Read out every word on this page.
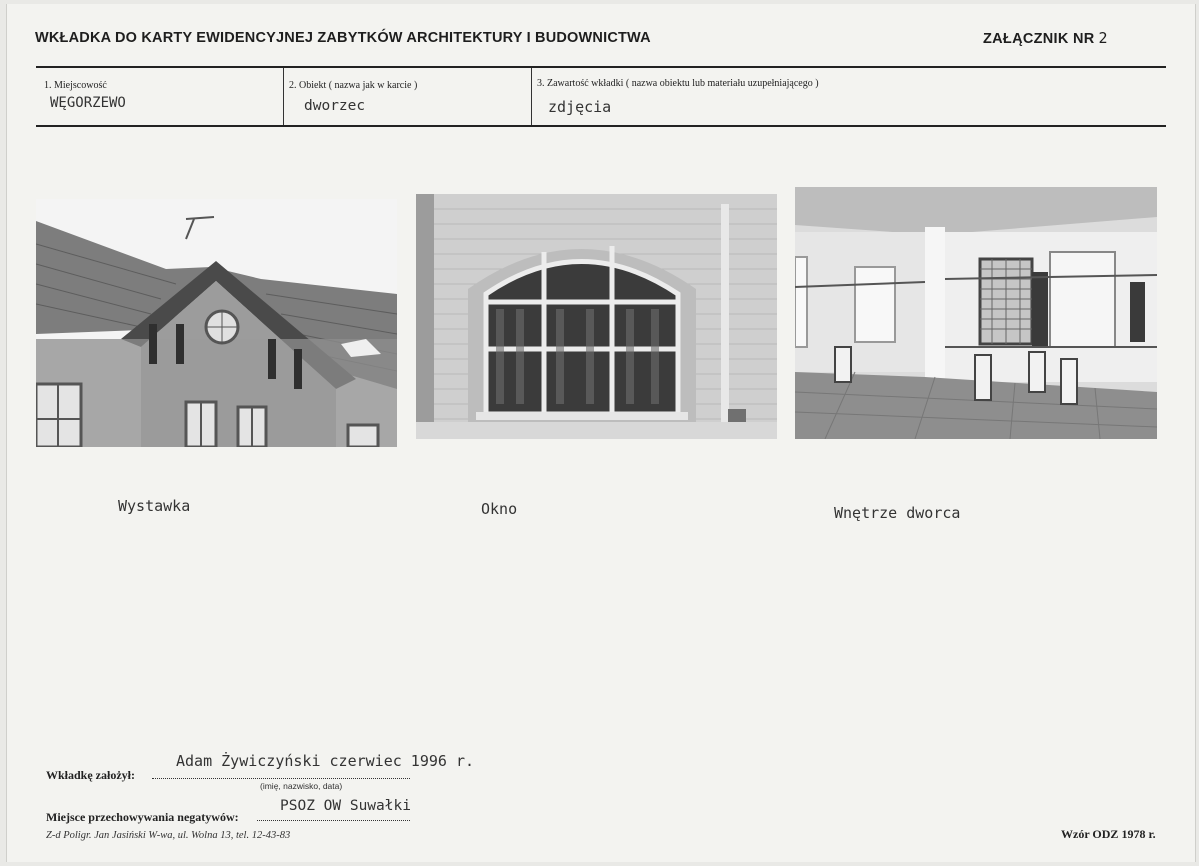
WKŁADKA DO KARTY EWIDENCYJNEJ ZABYTKÓW ARCHITEKTURY I BUDOWNICTWA	ZAŁĄCZNIK NR 2
1. Miejscowość
WĘGORZEWO
2. Obiekt ( nazwa jak w karcie )
dworzec
3. Zawartość wkładki ( nazwa obiektu lub materiału uzupełniającego )
zdjęcia
Wystawka	Okno	Wnętrze dworca
Adam Żywiczyński czerwiec 1996 r.
Wkładkę założył:
(imię, nazwisko, data)
PSOZ OW Suwałki
Miejsce przechowywania negatywów:
Z-d Poligr. Jan Jasiński W-wa, ul. Wolna 13, tel. 12-43-83	Wzór ODZ 1978 r.
